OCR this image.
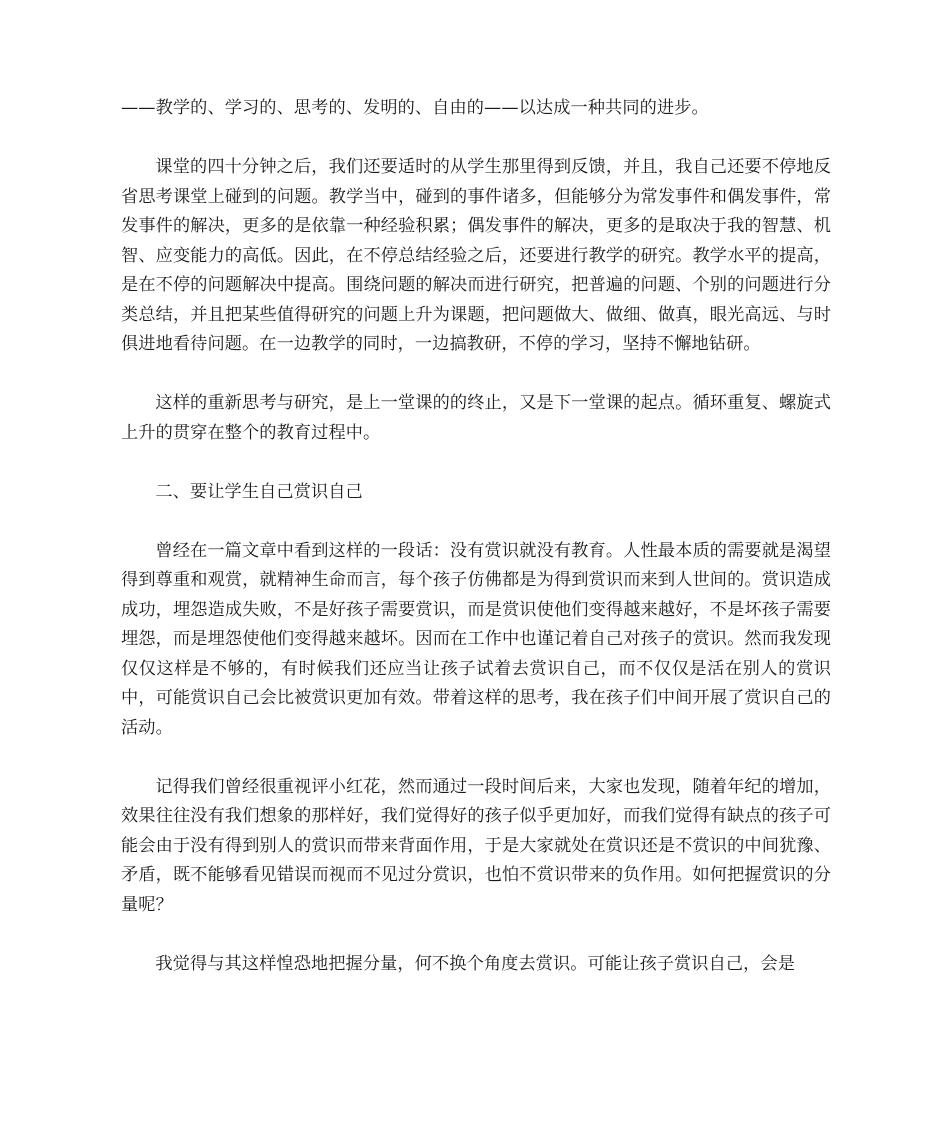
——教学的、学习的、思考的、发明的、自由的——以达成一种共同的进步。

课堂的四十分钟之后，我们还要适时的从学生那里得到反馈，并且，我自己还要不停地反省思考课堂上碰到的问题。教学当中，碰到的事件诸多，但能够分为常发事件和偶发事件，常发事件的解决，更多的是依靠一种经验积累；偶发事件的解决，更多的是取决于我的智慧、机智、应变能力的高低。因此，在不停总结经验之后，还要进行教学的研究。教学水平的提高，是在不停的问题解决中提高。围绕问题的解决而进行研究，把普遍的问题、个别的问题进行分类总结，并且把某些值得研究的问题上升为课题，把问题做大、做细、做真，眼光高远、与时俱进地看待问题。在一边教学的同时，一边搞教研，不停的学习，坚持不懈地钻研。

这样的重新思考与研究，是上一堂课的的终止，又是下一堂课的起点。循环重复、螺旋式上升的贯穿在整个的教育过程中。

二、要让学生自己赏识自己

曾经在一篇文章中看到这样的一段话：没有赏识就没有教育。人性最本质的需要就是渴望得到尊重和观赏，就精神生命而言，每个孩子仿佛都是为得到赏识而来到人世间的。赏识造成成功，埋怨造成失败，不是好孩子需要赏识，而是赏识使他们变得越来越好，不是坏孩子需要埋怨，而是埋怨使他们变得越来越坏。因而在工作中也谨记着自己对孩子的赏识。然而我发现仅仅这样是不够的，有时候我们还应当让孩子试着去赏识自己，而不仅仅是活在别人的赏识中，可能赏识自己会比被赏识更加有效。带着这样的思考，我在孩子们中间开展了赏识自己的活动。

记得我们曾经很重视评小红花，然而通过一段时间后来，大家也发现，随着年纪的增加，效果往往没有我们想象的那样好，我们觉得好的孩子似乎更加好，而我们觉得有缺点的孩子可能会由于没有得到别人的赏识而带来背面作用，于是大家就处在赏识还是不赏识的中间犹豫、矛盾，既不能够看见错误而视而不见过分赏识，也怕不赏识带来的负作用。如何把握赏识的分量呢？

我觉得与其这样惶恐地把握分量，何不换个角度去赏识。可能让孩子赏识自己，会是
